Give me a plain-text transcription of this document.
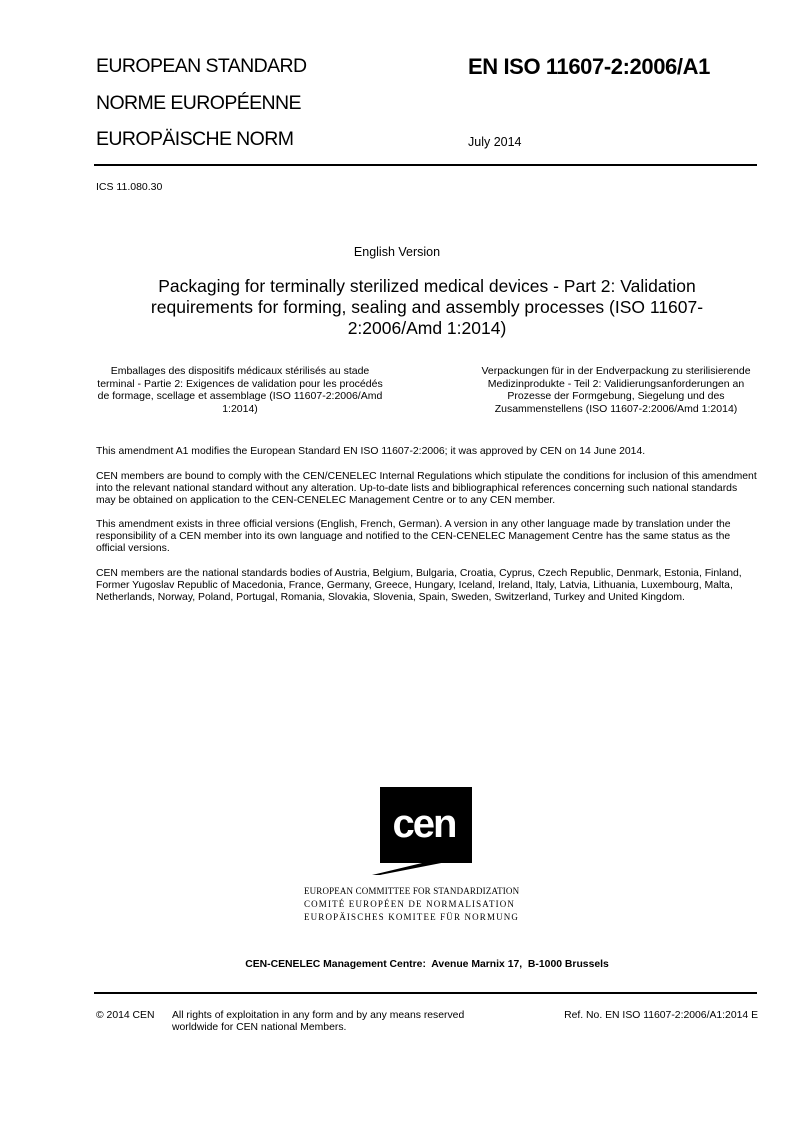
EUROPEAN STANDARD
NORME EUROPÉENNE
EUROPÄISCHE NORM
EN ISO 11607-2:2006/A1
July 2014
ICS 11.080.30
English Version
Packaging for terminally sterilized medical devices - Part 2: Validation requirements for forming, sealing and assembly processes (ISO 11607-2:2006/Amd 1:2014)
Emballages des dispositifs médicaux stérilisés au stade terminal - Partie 2: Exigences de validation pour les procédés de formage, scellage et assemblage (ISO 11607-2:2006/Amd 1:2014)
Verpackungen für in der Endverpackung zu sterilisierende Medizinprodukte - Teil 2: Validierungsanforderungen an Prozesse der Formgebung, Siegelung und des Zusammenstellens (ISO 11607-2:2006/Amd 1:2014)
This amendment A1 modifies the European Standard EN ISO 11607-2:2006; it was approved by CEN on 14 June 2014.
CEN members are bound to comply with the CEN/CENELEC Internal Regulations which stipulate the conditions for inclusion of this amendment into the relevant national standard without any alteration. Up-to-date lists and bibliographical references concerning such national standards may be obtained on application to the CEN-CENELEC Management Centre or to any CEN member.
This amendment exists in three official versions (English, French, German). A version in any other language made by translation under the responsibility of a CEN member into its own language and notified to the CEN-CENELEC Management Centre has the same status as the official versions.
CEN members are the national standards bodies of Austria, Belgium, Bulgaria, Croatia, Cyprus, Czech Republic, Denmark, Estonia, Finland, Former Yugoslav Republic of Macedonia, France, Germany, Greece, Hungary, Iceland, Ireland, Italy, Latvia, Lithuania, Luxembourg, Malta, Netherlands, Norway, Poland, Portugal, Romania, Slovakia, Slovenia, Spain, Sweden, Switzerland, Turkey and United Kingdom.
cen
EUROPEAN COMMITTEE FOR STANDARDIZATION
COMITÉ EUROPÉEN DE NORMALISATION
EUROPÄISCHES KOMITEE FÜR NORMUNG
CEN-CENELEC Management Centre:  Avenue Marnix 17,  B-1000 Brussels
© 2014 CEN All rights of exploitation in any form and by any means reserved worldwide for CEN national Members.
Ref. No. EN ISO 11607-2:2006/A1:2014 E
